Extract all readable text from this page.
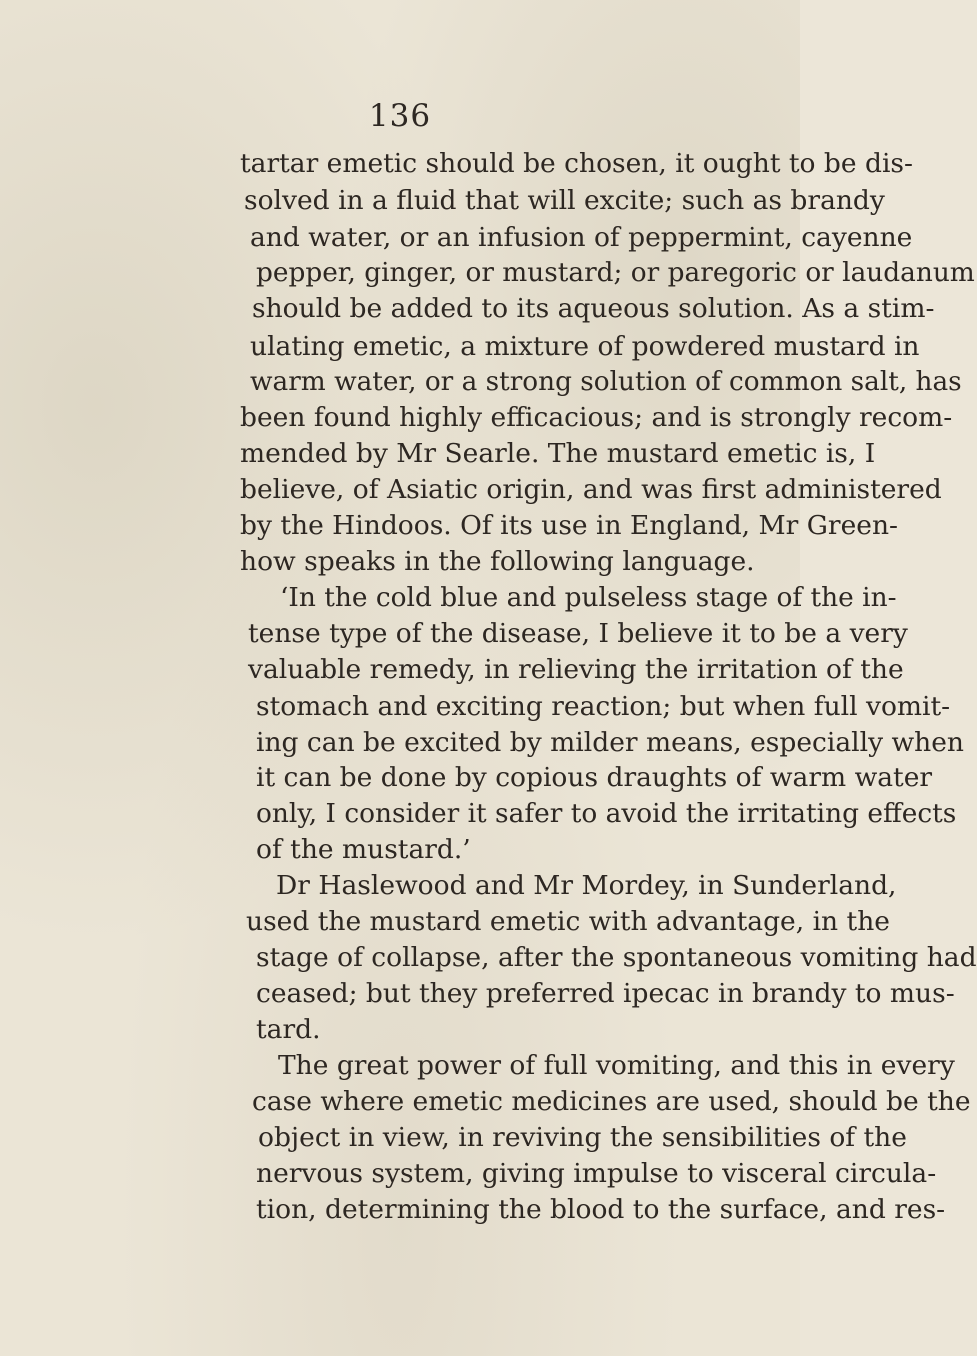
136
tartar emetic should be chosen, it ought to be dis-
solved in a fluid that will excite; such as brandy
and water, or an infusion of peppermint, cayenne
pepper, ginger, or mustard; or paregoric or laudanum
should be added to its aqueous solution. As a stim-
ulating emetic, a mixture of powdered mustard in
warm water, or a strong solution of common salt, has
been found highly efficacious; and is strongly recom-
mended by Mr Searle. The mustard emetic is, I
believe, of Asiatic origin, and was first administered
by the Hindoos. Of its use in England, Mr Green-
how speaks in the following language.
‘In the cold blue and pulseless stage of the in-
tense type of the disease, I believe it to be a very
valuable remedy, in relieving the irritation of the
stomach and exciting reaction; but when full vomit-
ing can be excited by milder means, especially when
it can be done by copious draughts of warm water
only, I consider it safer to avoid the irritating effects
of the mustard.’
Dr Haslewood and Mr Mordey, in Sunderland,
used the mustard emetic with advantage, in the
stage of collapse, after the spontaneous vomiting had
ceased; but they preferred ipecac in brandy to mus-
tard.
The great power of full vomiting, and this in every
case where emetic medicines are used, should be the
object in view, in reviving the sensibilities of the
nervous system, giving impulse to visceral circula-
tion, determining the blood to the surface, and res-
